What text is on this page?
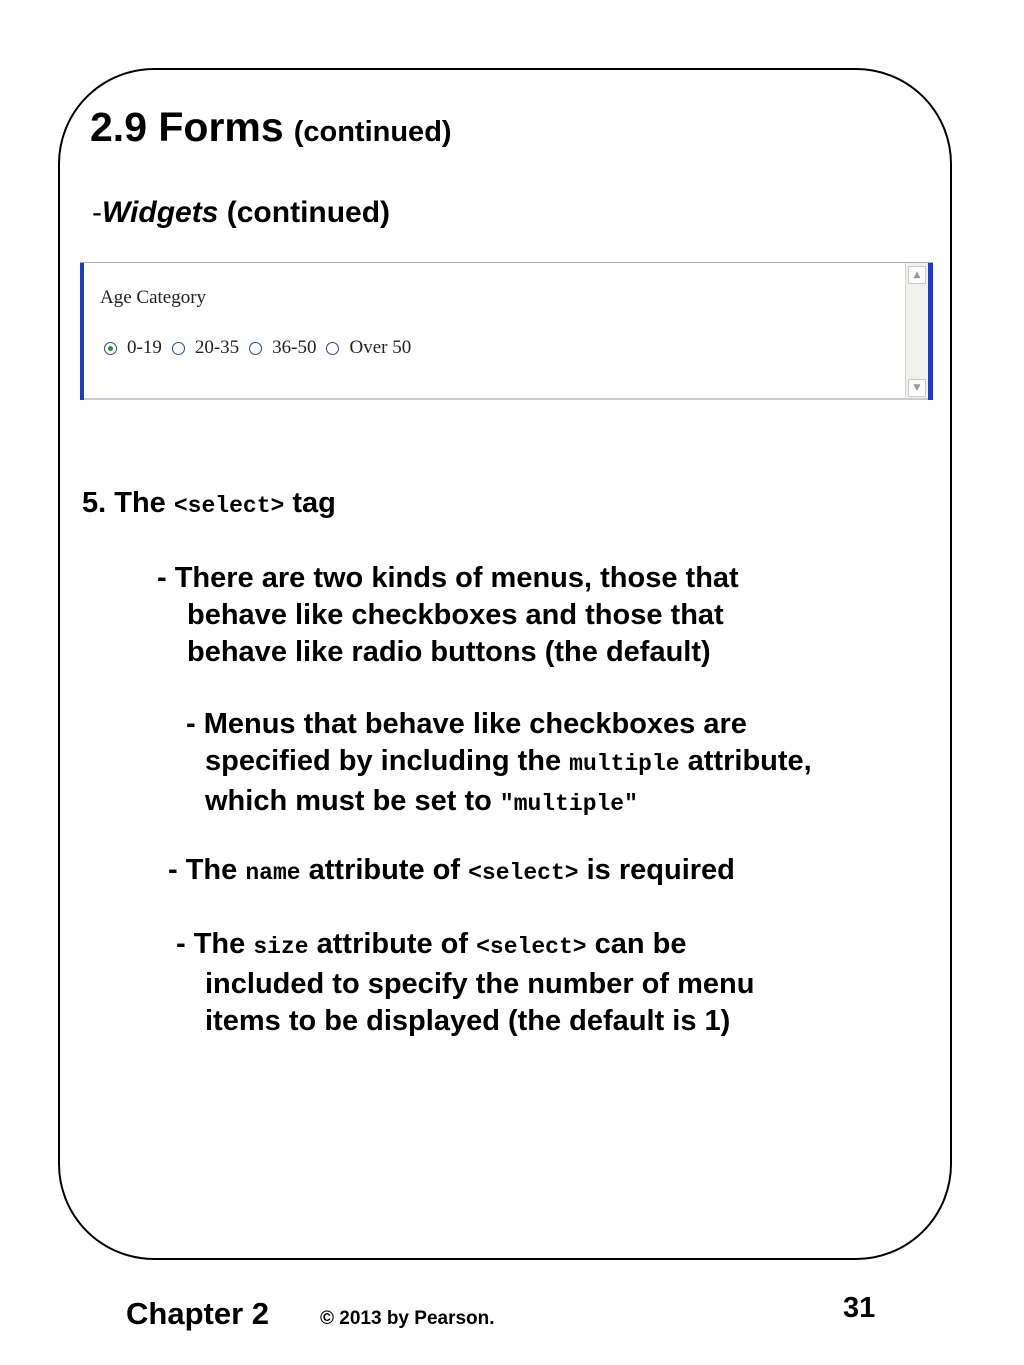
2.9 Forms (continued)
-Widgets (continued)
Age Category
0-19 20-35 36-50 Over 50
▲
▼
5. The <select> tag
- There are two kinds of menus, those that
behave like checkboxes and those that
behave like radio buttons (the default)
- Menus that behave like checkboxes are
specified by including the multiple attribute,
which must be set to "multiple"
- The name attribute of <select> is required
- The size attribute of <select> can be
included to specify the number of menu
items to be displayed (the default is 1)
Chapter 2	© 2013 by Pearson.	31
